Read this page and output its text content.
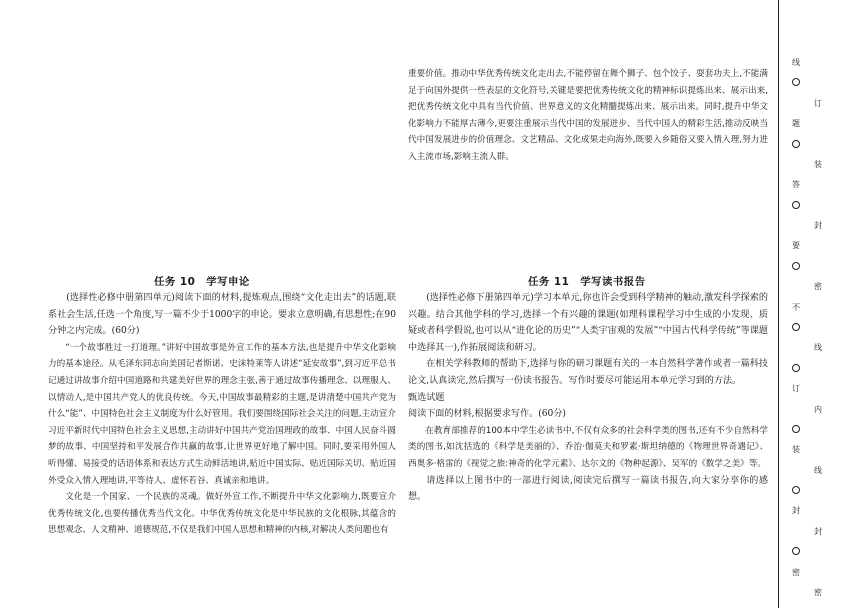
重要价值。推动中华优秀传统文化走出去,不能停留在舞个狮子、包个饺子、耍套功夫上,不能满足于向国外提供一些表层的文化符号,关键是要把优秀传统文化的精神标识提炼出来、展示出来,把优秀传统文化中具有当代价值、世界意义的文化精髓提炼出来、展示出来。同时,提升中华文化影响力不能厚古薄今,更要注重展示当代中国的发展进步、当代中国人的精彩生活,推动反映当代中国发展进步的价值理念、文艺精品、文化成果走向海外,既要入乡随俗又要入情入理,努力进入主流市场,影响主流人群。

任务 10　学写申论

(选择性必修中册第四单元)阅读下面的材料,提炼观点,围绕“文化走出去”的话题,联系社会生活,任选一个角度,写一篇不少于1000字的申论。要求立意明确,有思想性;在90分钟之内完成。(60分)

“一个故事胜过一打道理。”讲好中国故事是外宣工作的基本方法,也是提升中华文化影响力的基本途径。从毛泽东同志向美国记者斯诺、史沫特莱等人讲述“延安故事”,到习近平总书记通过讲故事介绍中国道路和共建美好世界的理念主张,善于通过故事传播理念、以理服人、以情动人,是中国共产党人的优良传统。今天,中国故事最精彩的主题,是讲清楚中国共产党为什么“能”、中国特色社会主义制度为什么好管用。我们要围绕国际社会关注的问题,主动宣介习近平新时代中国特色社会主义思想,主动讲好中国共产党治国理政的故事、中国人民奋斗圆梦的故事、中国坚持和平发展合作共赢的故事,让世界更好地了解中国。同时,要采用外国人听得懂、易接受的话语体系和表达方式生动鲜活地讲,贴近中国实际、贴近国际关切、贴近国外受众入情入理地讲,平等待人、虚怀若谷、真诚亲和地讲。

文化是一个国家、一个民族的灵魂。做好外宣工作,不断提升中华文化影响力,既要宣介优秀传统文化,也要传播优秀当代文化。中华优秀传统文化是中华民族的文化根脉,其蕴含的思想观念、人文精神、道德规范,不仅是我们中国人思想和精神的内核,对解决人类问题也有

任务 11　学写读书报告

(选择性必修下册第四单元)学习本单元,你也许会受到科学精神的触动,激发科学探索的兴趣。结合其他学科的学习,选择一个有兴趣的课题(如理科课程学习中生成的小发现、质疑或者科学假说,也可以从“进化论的历史”“人类宇宙观的发展”“中国古代科学传统”等课题中选择其一),作拓展阅读和研习。

在相关学科教师的帮助下,选择与你的研习课题有关的一本自然科学著作或者一篇科技论文,认真读完,然后撰写一份读书报告。写作时要尽可能运用本单元学习到的方法。

甄选试题

阅读下面的材料,根据要求写作。(60分)

在教育部推荐的100本中学生必读书中,不仅有众多的社会科学类的图书,还有不少自然科学类的图书,如沈括选的《科学是美丽的》、乔治·伽莫夫和罗素·斯坦纳德的《物理世界奇遇记》、西奥多·格雷的《视觉之旅:神奇的化学元素》、达尔文的《物种起源》、吴军的《数学之美》等。

请选择以上图书中的一部进行阅读,阅读完后撰写一篇读书报告,向大家分享你的感想。

线
订
题
装
答
封
要
密
不
线
订
内
装
线
封
封
密
密
